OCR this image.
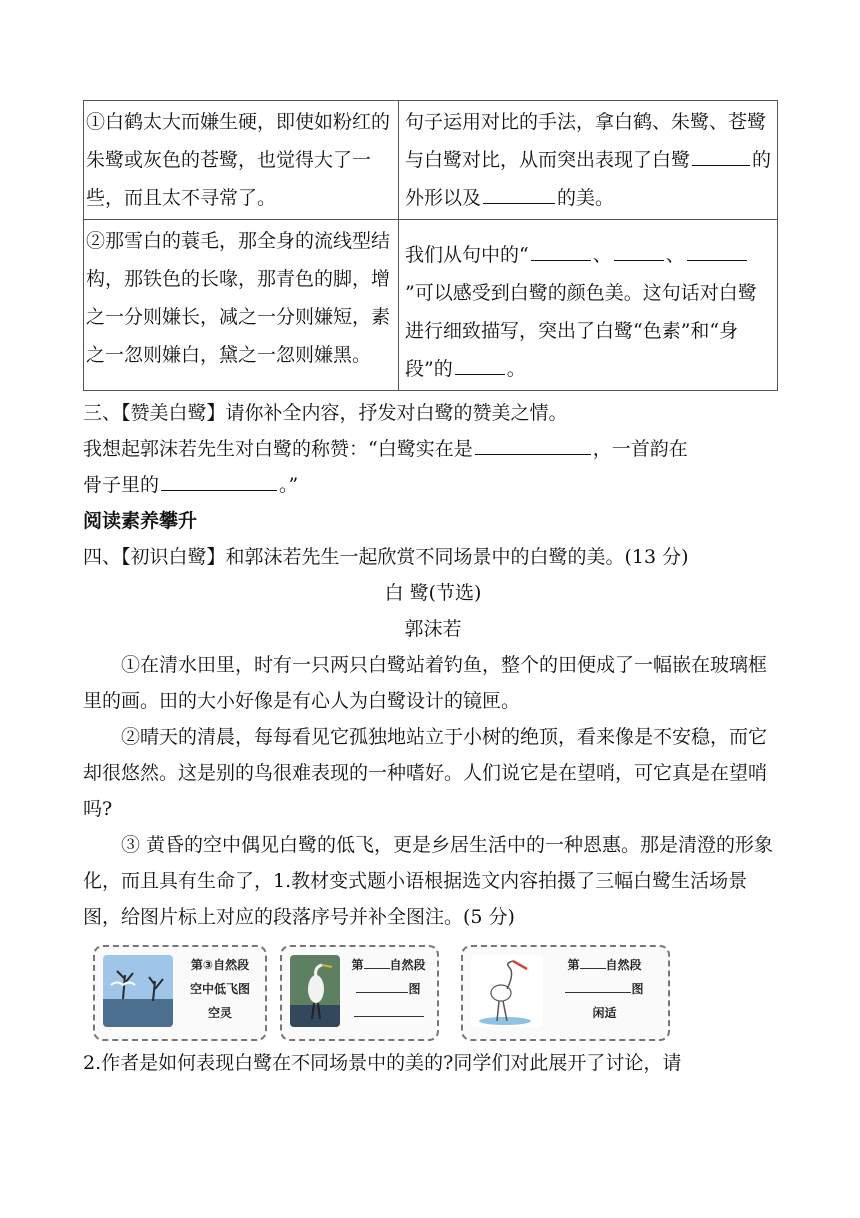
①白鹤太大而嫌生硬，即使如粉红的朱鹭或灰色的苍鹭，也觉得大了一些，而且太不寻常了。	句子运用对比的手法，拿白鹤、朱鹭、苍鹭与白鹭对比，从而突出表现了白鹭 的外形以及 的美。
②那雪白的蓑毛，那全身的流线型结构，那铁色的长喙，那青色的脚，增之一分则嫌长，减之一分则嫌短，素之一忽则嫌白，黛之一忽则嫌黑。	我们从句中的“ 、 、”可以感受到白鹭的颜色美。这句话对白鹭进行细致描写，突出了白鹭“色素”和“身段”的 。

三、【赞美白鹭】请你补全内容，抒发对白鹭的赞美之情。

我想起郭沫若先生对白鹭的称赞：“白鹭实在是	，一首韵在

骨子里的	。”

阅读素养攀升

四、【初识白鹭】和郭沫若先生一起欣赏不同场景中的白鹭的美。(13 分)

白 鹭(节选)

郭沫若

①在清水田里，时有一只两只白鹭站着钓鱼，整个的田便成了一幅嵌在玻璃框里的画。田的大小好像是有心人为白鹭设计的镜匣。

②晴天的清晨，每每看见它孤独地站立于小树的绝顶，看来像是不安稳，而它却很悠然。这是别的鸟很难表现的一种嗜好。人们说它是在望哨，可它真是在望哨吗?

③ 黄昏的空中偶见白鹭的低飞，更是乡居生活中的一种恩惠。那是清澄的形象化，而且具有生命了，1.教材变式题小语根据选文内容拍摄了三幅白鹭生活场景图，给图片标上对应的段落序号并补全图注。(5 分)

第③自然段
空中低飞图
空灵
第 自然段
图
第 自然段
图
闲适

2.作者是如何表现白鹭在不同场景中的美的?同学们对此展开了讨论，请
